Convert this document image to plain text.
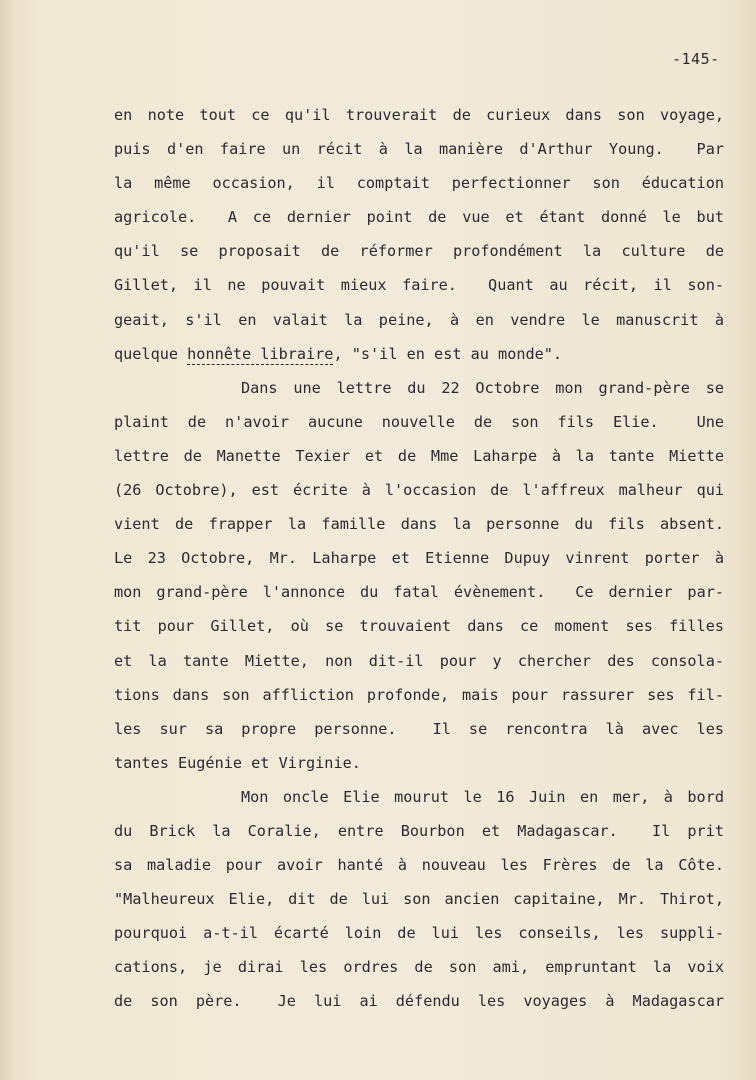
-145-
en note tout ce qu'il trouverait de curieux dans son voyage,
puis d'en faire un récit à la manière d'Arthur Young.  Par
la même occasion, il comptait perfectionner son éducation
agricole.  A ce dernier point de vue et étant donné le but
qu'il se proposait de réformer profondément la culture de
Gillet, il ne pouvait mieux faire.  Quant au récit, il son-
geait, s'il en valait la peine, à en vendre le manuscrit à
quelque honnête libraire, "s'il en est au monde".
Dans une lettre du 22 Octobre mon grand-père se
plaint de n'avoir aucune nouvelle de son fils Elie.  Une
lettre de Manette Texier et de Mme Laharpe à la tante Miette
(26 Octobre), est écrite à l'occasion de l'affreux malheur qui
vient de frapper la famille dans la personne du fils absent.
Le 23 Octobre, Mr. Laharpe et Etienne Dupuy vinrent porter à
mon grand-père l'annonce du fatal évènement.  Ce dernier par-
tit pour Gillet, où se trouvaient dans ce moment ses filles
et la tante Miette, non dit-il pour y chercher des consola-
tions dans son affliction profonde, mais pour rassurer ses fil-
les sur sa propre personne.  Il se rencontra là avec les
tantes Eugénie et Virginie.
Mon oncle Elie mourut le 16 Juin en mer, à bord
du Brick la Coralie, entre Bourbon et Madagascar.  Il prit
sa maladie pour avoir hanté à nouveau les Frères de la Côte.
"Malheureux Elie, dit de lui son ancien capitaine, Mr. Thirot,
pourquoi a-t-il écarté loin de lui les conseils, les suppli-
cations, je dirai les ordres de son ami, empruntant la voix
de son père.  Je lui ai défendu les voyages à Madagascar
